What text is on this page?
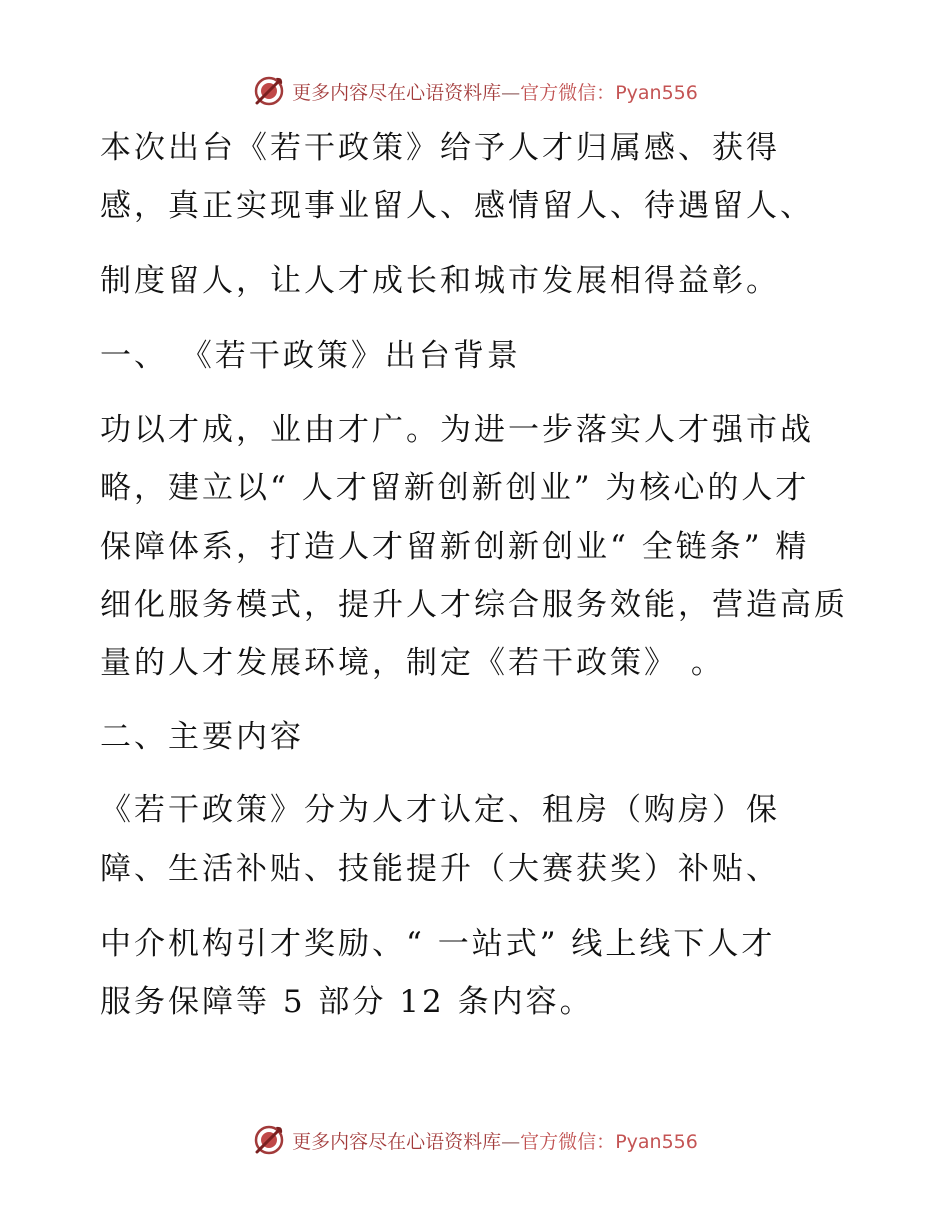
更多内容尽在心语资料库—官方微信：Pyan556
本次出台《若干政策》给予人才归属感、获得
感，真正实现事业留人、感情留人、待遇留人、
制度留人，让人才成长和城市发展相得益彰。
一、 《若干政策》出台背景
功以才成，业由才广。为进一步落实人才强市战
略，建立以“ 人才留新创新创业” 为核心的人才
保障体系，打造人才留新创新创业“ 全链条” 精
细化服务模式，提升人才综合服务效能，营造高质
量的人才发展环境，制定《若干政策》 。
二、主要内容
《若干政策》分为人才认定、租房（购房）保
障、生活补贴、技能提升（大赛获奖）补贴、
中介机构引才奖励、“ 一站式” 线上线下人才
服务保障等 5 部分 12 条内容。
更多内容尽在心语资料库—官方微信：Pyan556
